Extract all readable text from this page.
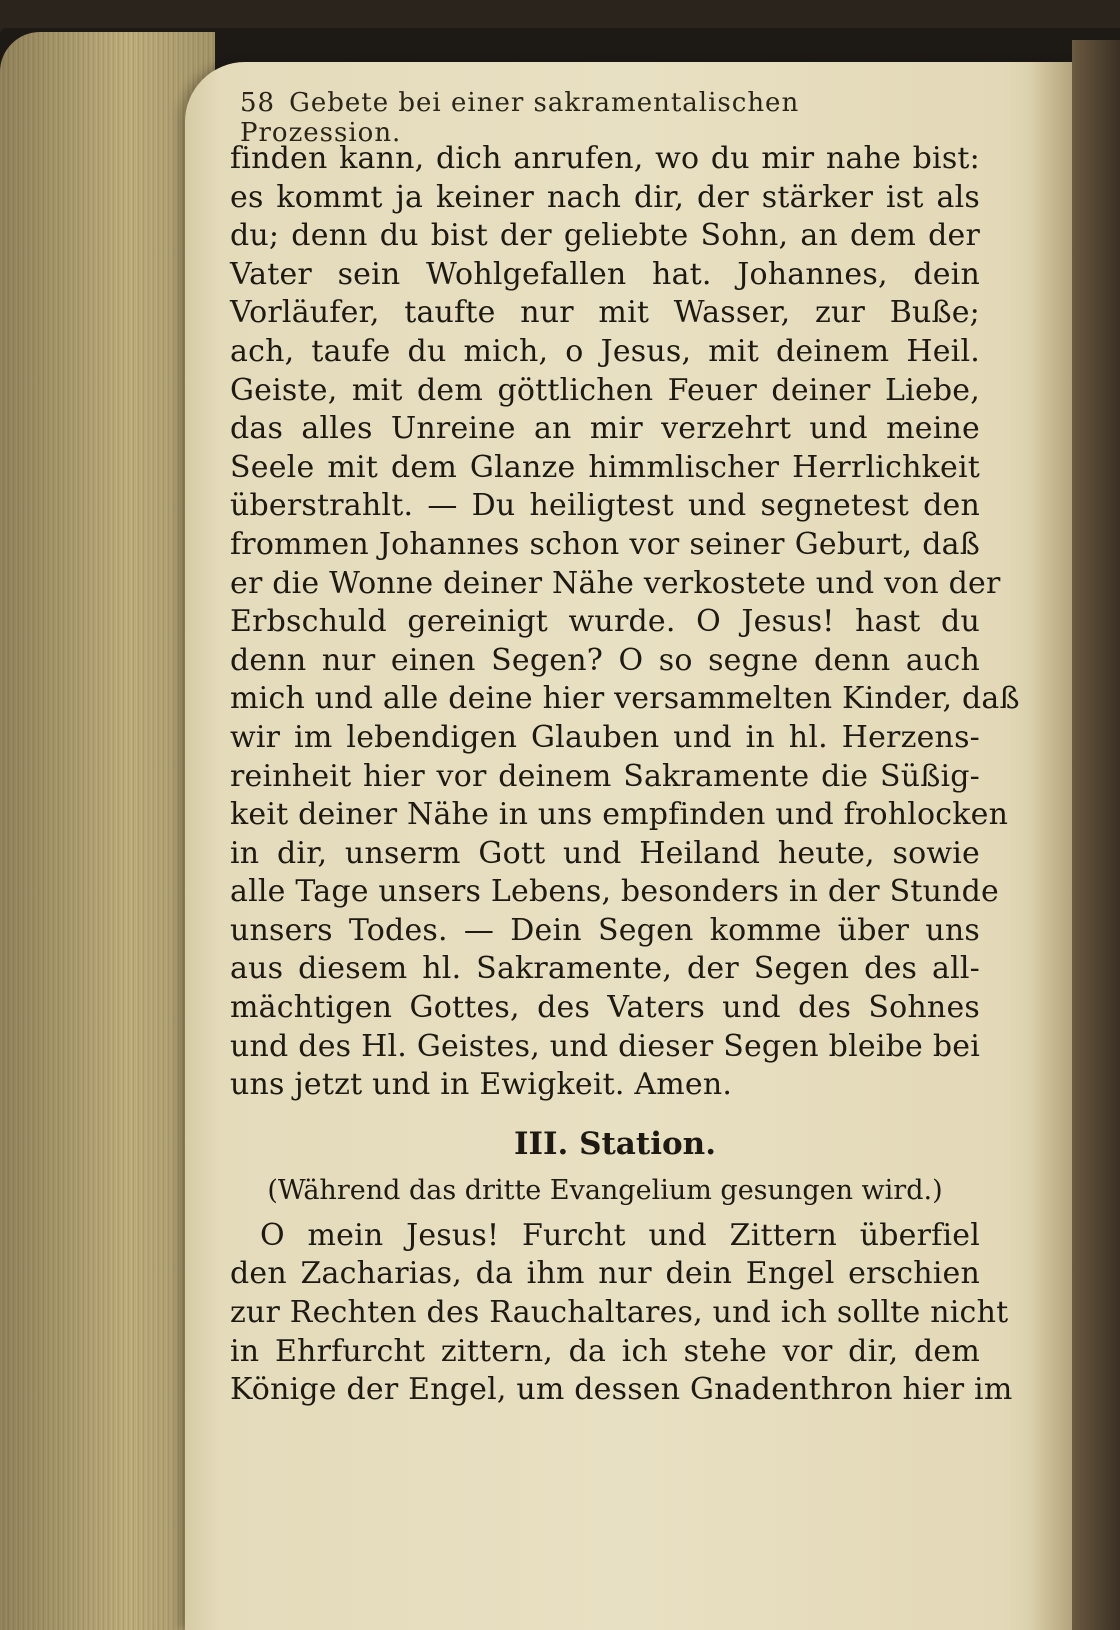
58 Gebete bei einer sakramentalischen Prozession.
finden kann, dich anrufen, wo du mir nahe bist:
es kommt ja keiner nach dir, der stärker ist als
du; denn du bist der geliebte Sohn, an dem der
Vater sein Wohlgefallen hat. Johannes, dein
Vorläufer, taufte nur mit Wasser, zur Buße;
ach, taufe du mich, o Jesus, mit deinem Heil.
Geiste, mit dem göttlichen Feuer deiner Liebe,
das alles Unreine an mir verzehrt und meine
Seele mit dem Glanze himmlischer Herrlichkeit
überstrahlt. — Du heiligtest und segnetest den
frommen Johannes schon vor seiner Geburt, daß
er die Wonne deiner Nähe verkostete und von der
Erbschuld gereinigt wurde. O Jesus! hast du
denn nur einen Segen? O so segne denn auch
mich und alle deine hier versammelten Kinder, daß
wir im lebendigen Glauben und in hl. Herzens-
reinheit hier vor deinem Sakramente die Süßig-
keit deiner Nähe in uns empfinden und frohlocken
in dir, unserm Gott und Heiland heute, sowie
alle Tage unsers Lebens, besonders in der Stunde
unsers Todes. — Dein Segen komme über uns
aus diesem hl. Sakramente, der Segen des all-
mächtigen Gottes, des Vaters und des Sohnes
und des Hl. Geistes, und dieser Segen bleibe bei
uns jetzt und in Ewigkeit. Amen.
III. Station.
(Während das dritte Evangelium gesungen wird.)
O mein Jesus! Furcht und Zittern überfiel
den Zacharias, da ihm nur dein Engel erschien
zur Rechten des Rauchaltares, und ich sollte nicht
in Ehrfurcht zittern, da ich stehe vor dir, dem
Könige der Engel, um dessen Gnadenthron hier im
